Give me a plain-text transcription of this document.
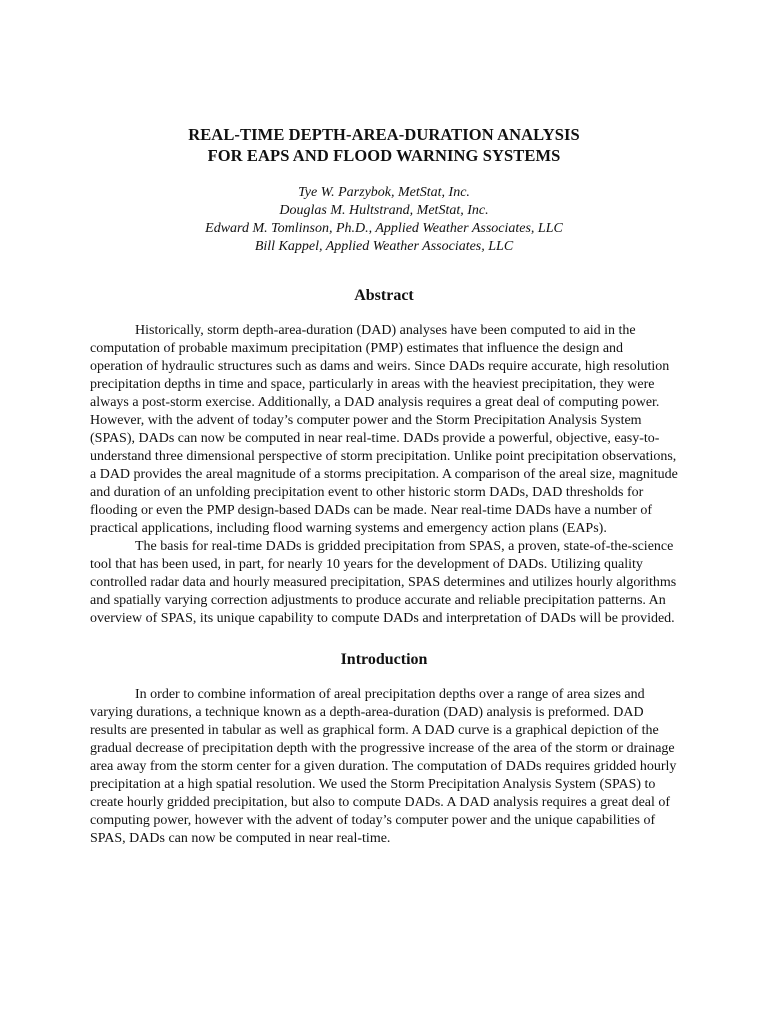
REAL-TIME DEPTH-AREA-DURATION ANALYSIS
FOR EAPS AND FLOOD WARNING SYSTEMS
Tye W. Parzybok, MetStat, Inc.
Douglas M. Hultstrand, MetStat, Inc.
Edward M. Tomlinson, Ph.D., Applied Weather Associates, LLC
Bill Kappel, Applied Weather Associates, LLC
Abstract

Historically, storm depth-area-duration (DAD) analyses have been computed to aid in the computation of probable maximum precipitation (PMP) estimates that influence the design and operation of hydraulic structures such as dams and weirs. Since DADs require accurate, high resolution precipitation depths in time and space, particularly in areas with the heaviest precipitation, they were always a post-storm exercise. Additionally, a DAD analysis requires a great deal of computing power. However, with the advent of today’s computer power and the Storm Precipitation Analysis System (SPAS), DADs can now be computed in near real-time. DADs provide a powerful, objective, easy-to-understand three dimensional perspective of storm precipitation. Unlike point precipitation observations, a DAD provides the areal magnitude of a storms precipitation. A comparison of the areal size, magnitude and duration of an unfolding precipitation event to other historic storm DADs, DAD thresholds for flooding or even the PMP design-based DADs can be made. Near real-time DADs have a number of practical applications, including flood warning systems and emergency action plans (EAPs).

The basis for real-time DADs is gridded precipitation from SPAS, a proven, state-of-the-science tool that has been used, in part, for nearly 10 years for the development of DADs. Utilizing quality controlled radar data and hourly measured precipitation, SPAS determines and utilizes hourly algorithms and spatially varying correction adjustments to produce accurate and reliable precipitation patterns. An overview of SPAS, its unique capability to compute DADs and interpretation of DADs will be provided.

Introduction

In order to combine information of areal precipitation depths over a range of area sizes and varying durations, a technique known as a depth-area-duration (DAD) analysis is preformed. DAD results are presented in tabular as well as graphical form. A DAD curve is a graphical depiction of the gradual decrease of precipitation depth with the progressive increase of the area of the storm or drainage area away from the storm center for a given duration. The computation of DADs requires gridded hourly precipitation at a high spatial resolution. We used the Storm Precipitation Analysis System (SPAS) to create hourly gridded precipitation, but also to compute DADs. A DAD analysis requires a great deal of computing power, however with the advent of today’s computer power and the unique capabilities of SPAS, DADs can now be computed in near real-time.
